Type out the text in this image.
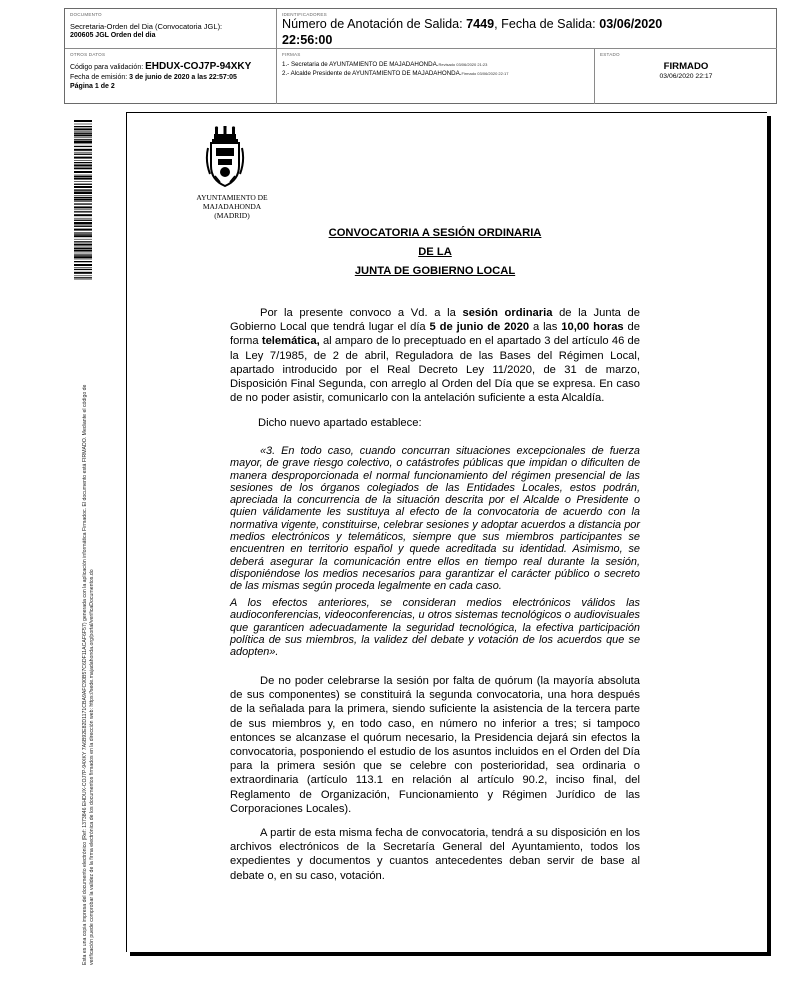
DOCUMENTO
Secretaria-Orden del Dia (Convocatoria JGL):
200605 JGL Orden del dia
IDENTIFICADORES
Número de Anotación de Salida: 7449, Fecha de Salida: 03/06/2020 22:56:00
OTROS DATOS
Código para validación: EHDUX-COJ7P-94XKY
Fecha de emisión: 3 de junio de 2020 a las 22:57:05
Página 1 de 2
FIRMAS
1.- Secretaria de AYUNTAMIENTO DE MAJADAHONDA.Revisado 03/06/2020 21:23
2.- Alcalde Presidente de AYUNTAMIENTO DE MAJADAHONDA.Firmado 03/06/2020 22:17
ESTADO
FIRMADO
03/06/2020 22:17
Esta es una copia impresa del documento electrónico (Ref: 1373846 EHDUX-COJ7P-94XKY 7A6B92E82D1171CBA9AFC90B57C6DF11ACAF6F57) generada con la aplicación informática Firmadoc. El documento está FIRMADO. Mediante el código de verificación puede comprobar la validez de la firma electrónica de los documentos firmados en la dirección web: https://sede.majadahonda.org/portal/verificaDocumentos.do
AYUNTAMIENTO DE
MAJADAHONDA
(MADRID)
CONVOCATORIA A SESIÓN ORDINARIA
DE LA
JUNTA DE GOBIERNO LOCAL
Por la presente convoco a Vd. a la sesión ordinaria de la Junta de Gobierno Local que tendrá lugar el día 5 de junio de 2020 a las 10,00 horas de forma telemática, al amparo de lo preceptuado en el apartado 3 del artículo 46 de la Ley 7/1985, de 2 de abril, Reguladora de las Bases del Régimen Local, apartado introducido por el Real Decreto Ley 11/2020, de 31 de marzo, Disposición Final Segunda, con arreglo al Orden del Día que se expresa. En caso de no poder asistir, comunicarlo con la antelación suficiente a esta Alcaldía.
Dicho nuevo apartado establece:
«3. En todo caso, cuando concurran situaciones excepcionales de fuerza mayor, de grave riesgo colectivo, o catástrofes públicas que impidan o dificulten de manera desproporcionada el normal funcionamiento del régimen presencial de las sesiones de los órganos colegiados de las Entidades Locales, estos podrán, apreciada la concurrencia de la situación descrita por el Alcalde o Presidente o quien válidamente les sustituya al efecto de la convocatoria de acuerdo con la normativa vigente, constituirse, celebrar sesiones y adoptar acuerdos a distancia por medios electrónicos y telemáticos, siempre que sus miembros participantes se encuentren en territorio español y quede acreditada su identidad. Asimismo, se deberá asegurar la comunicación entre ellos en tiempo real durante la sesión, disponiéndose los medios necesarios para garantizar el carácter público o secreto de las mismas según proceda legalmente en cada caso.
A los efectos anteriores, se consideran medios electrónicos válidos las audioconferencias, videoconferencias, u otros sistemas tecnológicos o audiovisuales que garanticen adecuadamente la seguridad tecnológica, la efectiva participación política de sus miembros, la validez del debate y votación de los acuerdos que se adopten».
De no poder celebrarse la sesión por falta de quórum (la mayoría absoluta de sus componentes) se constituirá la segunda convocatoria, una hora después de la señalada para la primera, siendo suficiente la asistencia de la tercera parte de sus miembros y, en todo caso, en número no inferior a tres; si tampoco entonces se alcanzase el quórum necesario, la Presidencia dejará sin efectos la convocatoria, posponiendo el estudio de los asuntos incluidos en el Orden del Día para la primera sesión que se celebre con posterioridad, sea ordinaria o extraordinaria (artículo 113.1 en relación al artículo 90.2, inciso final, del Reglamento de Organización, Funcionamiento y Régimen Jurídico de las Corporaciones Locales).
A partir de esta misma fecha de convocatoria, tendrá a su disposición en los archivos electrónicos de la Secretaría General del Ayuntamiento, todos los expedientes y documentos y cuantos antecedentes deban servir de base al debate o, en su caso, votación.
